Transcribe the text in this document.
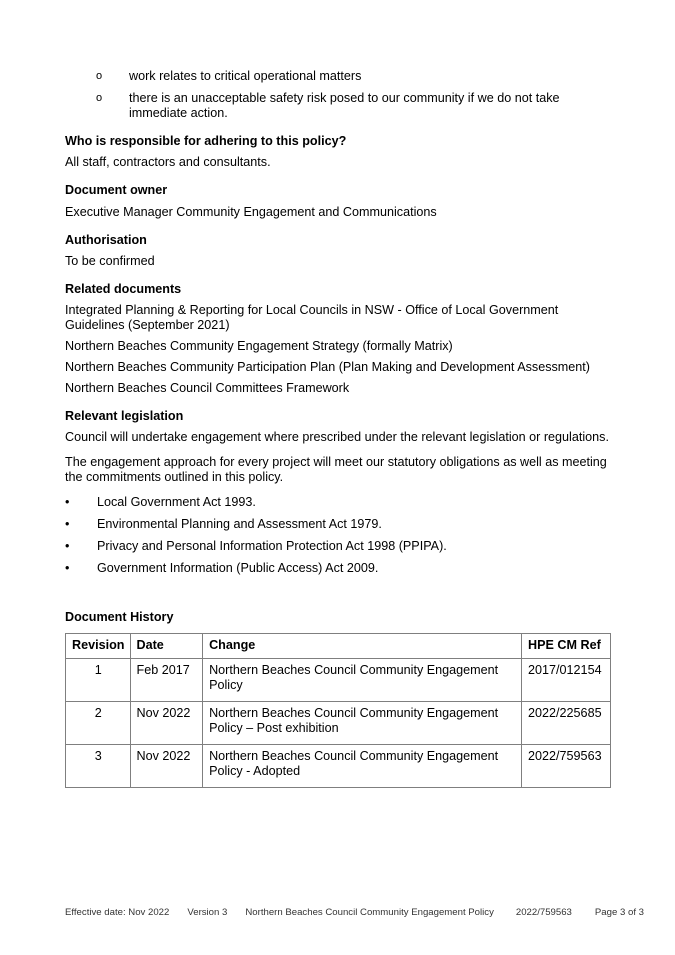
o work relates to critical operational matters
o there is an unacceptable safety risk posed to our community if we do not take immediate action.
Who is responsible for adhering to this policy?

All staff, contractors and consultants.

Document owner

Executive Manager Community Engagement and Communications

Authorisation

To be confirmed

Related documents

Integrated Planning & Reporting for Local Councils in NSW - Office of Local Government Guidelines (September 2021)

Northern Beaches Community Engagement Strategy (formally Matrix)

Northern Beaches Community Participation Plan (Plan Making and Development Assessment)

Northern Beaches Council Committees Framework

Relevant legislation

Council will undertake engagement where prescribed under the relevant legislation or regulations.

The engagement approach for every project will meet our statutory obligations as well as meeting the commitments outlined in this policy.

• Local Government Act 1993.
• Environmental Planning and Assessment Act 1979.
• Privacy and Personal Information Protection Act 1998 (PPIPA).
• Government Information (Public Access) Act 2009.
Document History
Revision	Date	Change	HPE CM Ref
1	Feb 2017	Northern Beaches Council Community Engagement Policy	2017/012154
2	Nov 2022	Northern Beaches Council Community Engagement Policy – Post exhibition	2022/225685
3	Nov 2022	Northern Beaches Council Community Engagement Policy - Adopted	2022/759563
Effective date: Nov 2022 Version 3 Northern Beaches Council Community Engagement Policy 2022/759563 Page 3 of 3
